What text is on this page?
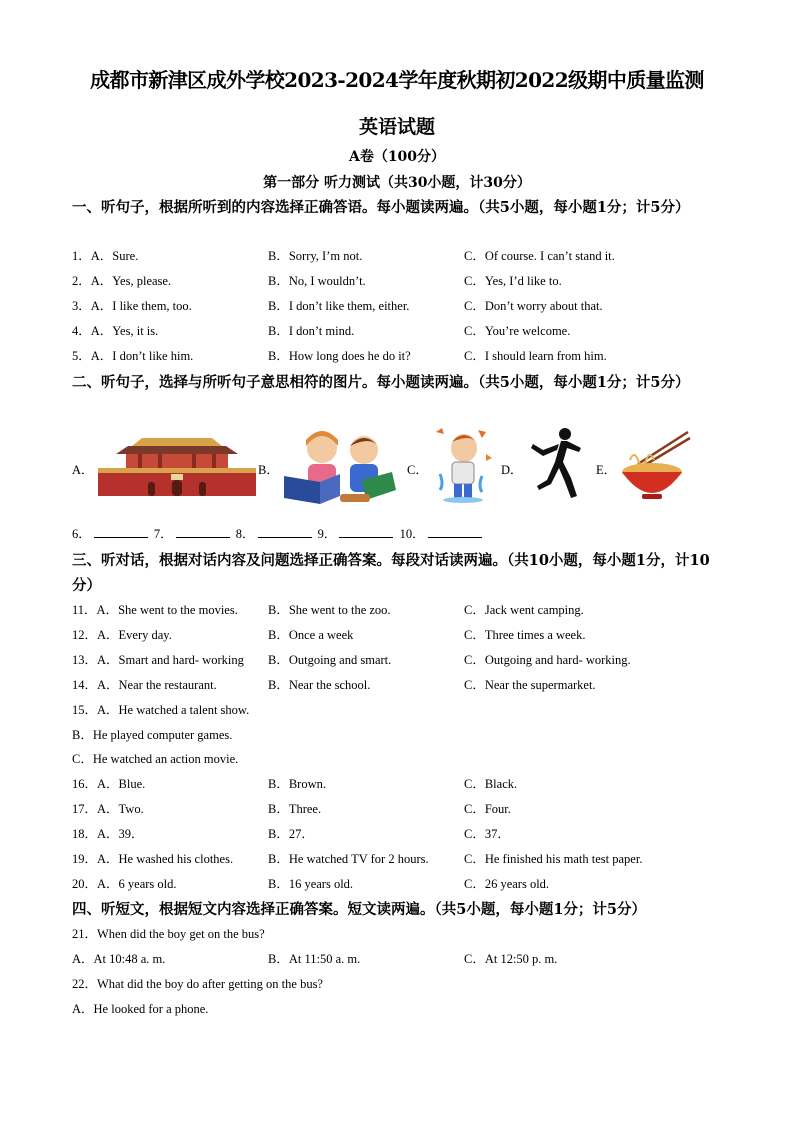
成都市新津区成外学校2023-2024学年度秋期初2022级期中质量监测
英语试题
A卷（100分）
第一部分 听力测试（共30小题，计30分）
一、听句子，根据所听到的内容选择正确答语。每小题读两遍。（共5小题，每小题1分；计5分）
1．A．Sure.	B．Sorry, I’m not.	C．Of course. I can’t stand it.
2．A．Yes, please.	B．No, I wouldn’t.	C．Yes, I’d like to.
3．A．I like them, too.	B．I don’t like them, either.	C．Don’t worry about that.
4．A．Yes, it is.	B．I don’t mind.	C．You’re welcome.
5．A．I don’t like him.	B．How long does he do it?	C．I should learn from him.
二、听句子，选择与所听句子意思相符的图片。每小题读两遍。（共5小题，每小题1分；计5分）
A．	B．	C．	D．	E．
6．	7．	8．	9．	10．
三、听对话，根据对话内容及问题选择正确答案。每段对话读两遍。（共10小题，每小题1分，计10分）
11．A．She went to the movies. B．She went to the zoo.	C．Jack went camping.
12．A．Every day.	B．Once a week	C．Three times a week.
13．A．Smart and hard- working B．Outgoing and smart.	C．Outgoing and hard- working.
14．A．Near the restaurant.	B．Near the school.	C．Near the supermarket.
15．A．He watched a talent show.
B．He played computer games.
C．He watched an action movie.
16．A．Blue.	B．Brown.	C．Black.
17．A．Two.	B．Three.	C．Four.
18．A．39．	B．27．	C．37．
19．A．He washed his clothes.	B．He watched TV for 2 hours.	C．He finished his math test paper.
20．A．6 years old.	B．16 years old.	C．26 years old.
四、听短文，根据短文内容选择正确答案。短文读两遍。（共5小题，每小题1分；计5分）
21．When did the boy get on the bus?
A．At 10:48 a. m.	B．At 11:50 a. m.	C．At 12:50 p. m.
22．What did the boy do after getting on the bus?
A．He looked for a phone.
